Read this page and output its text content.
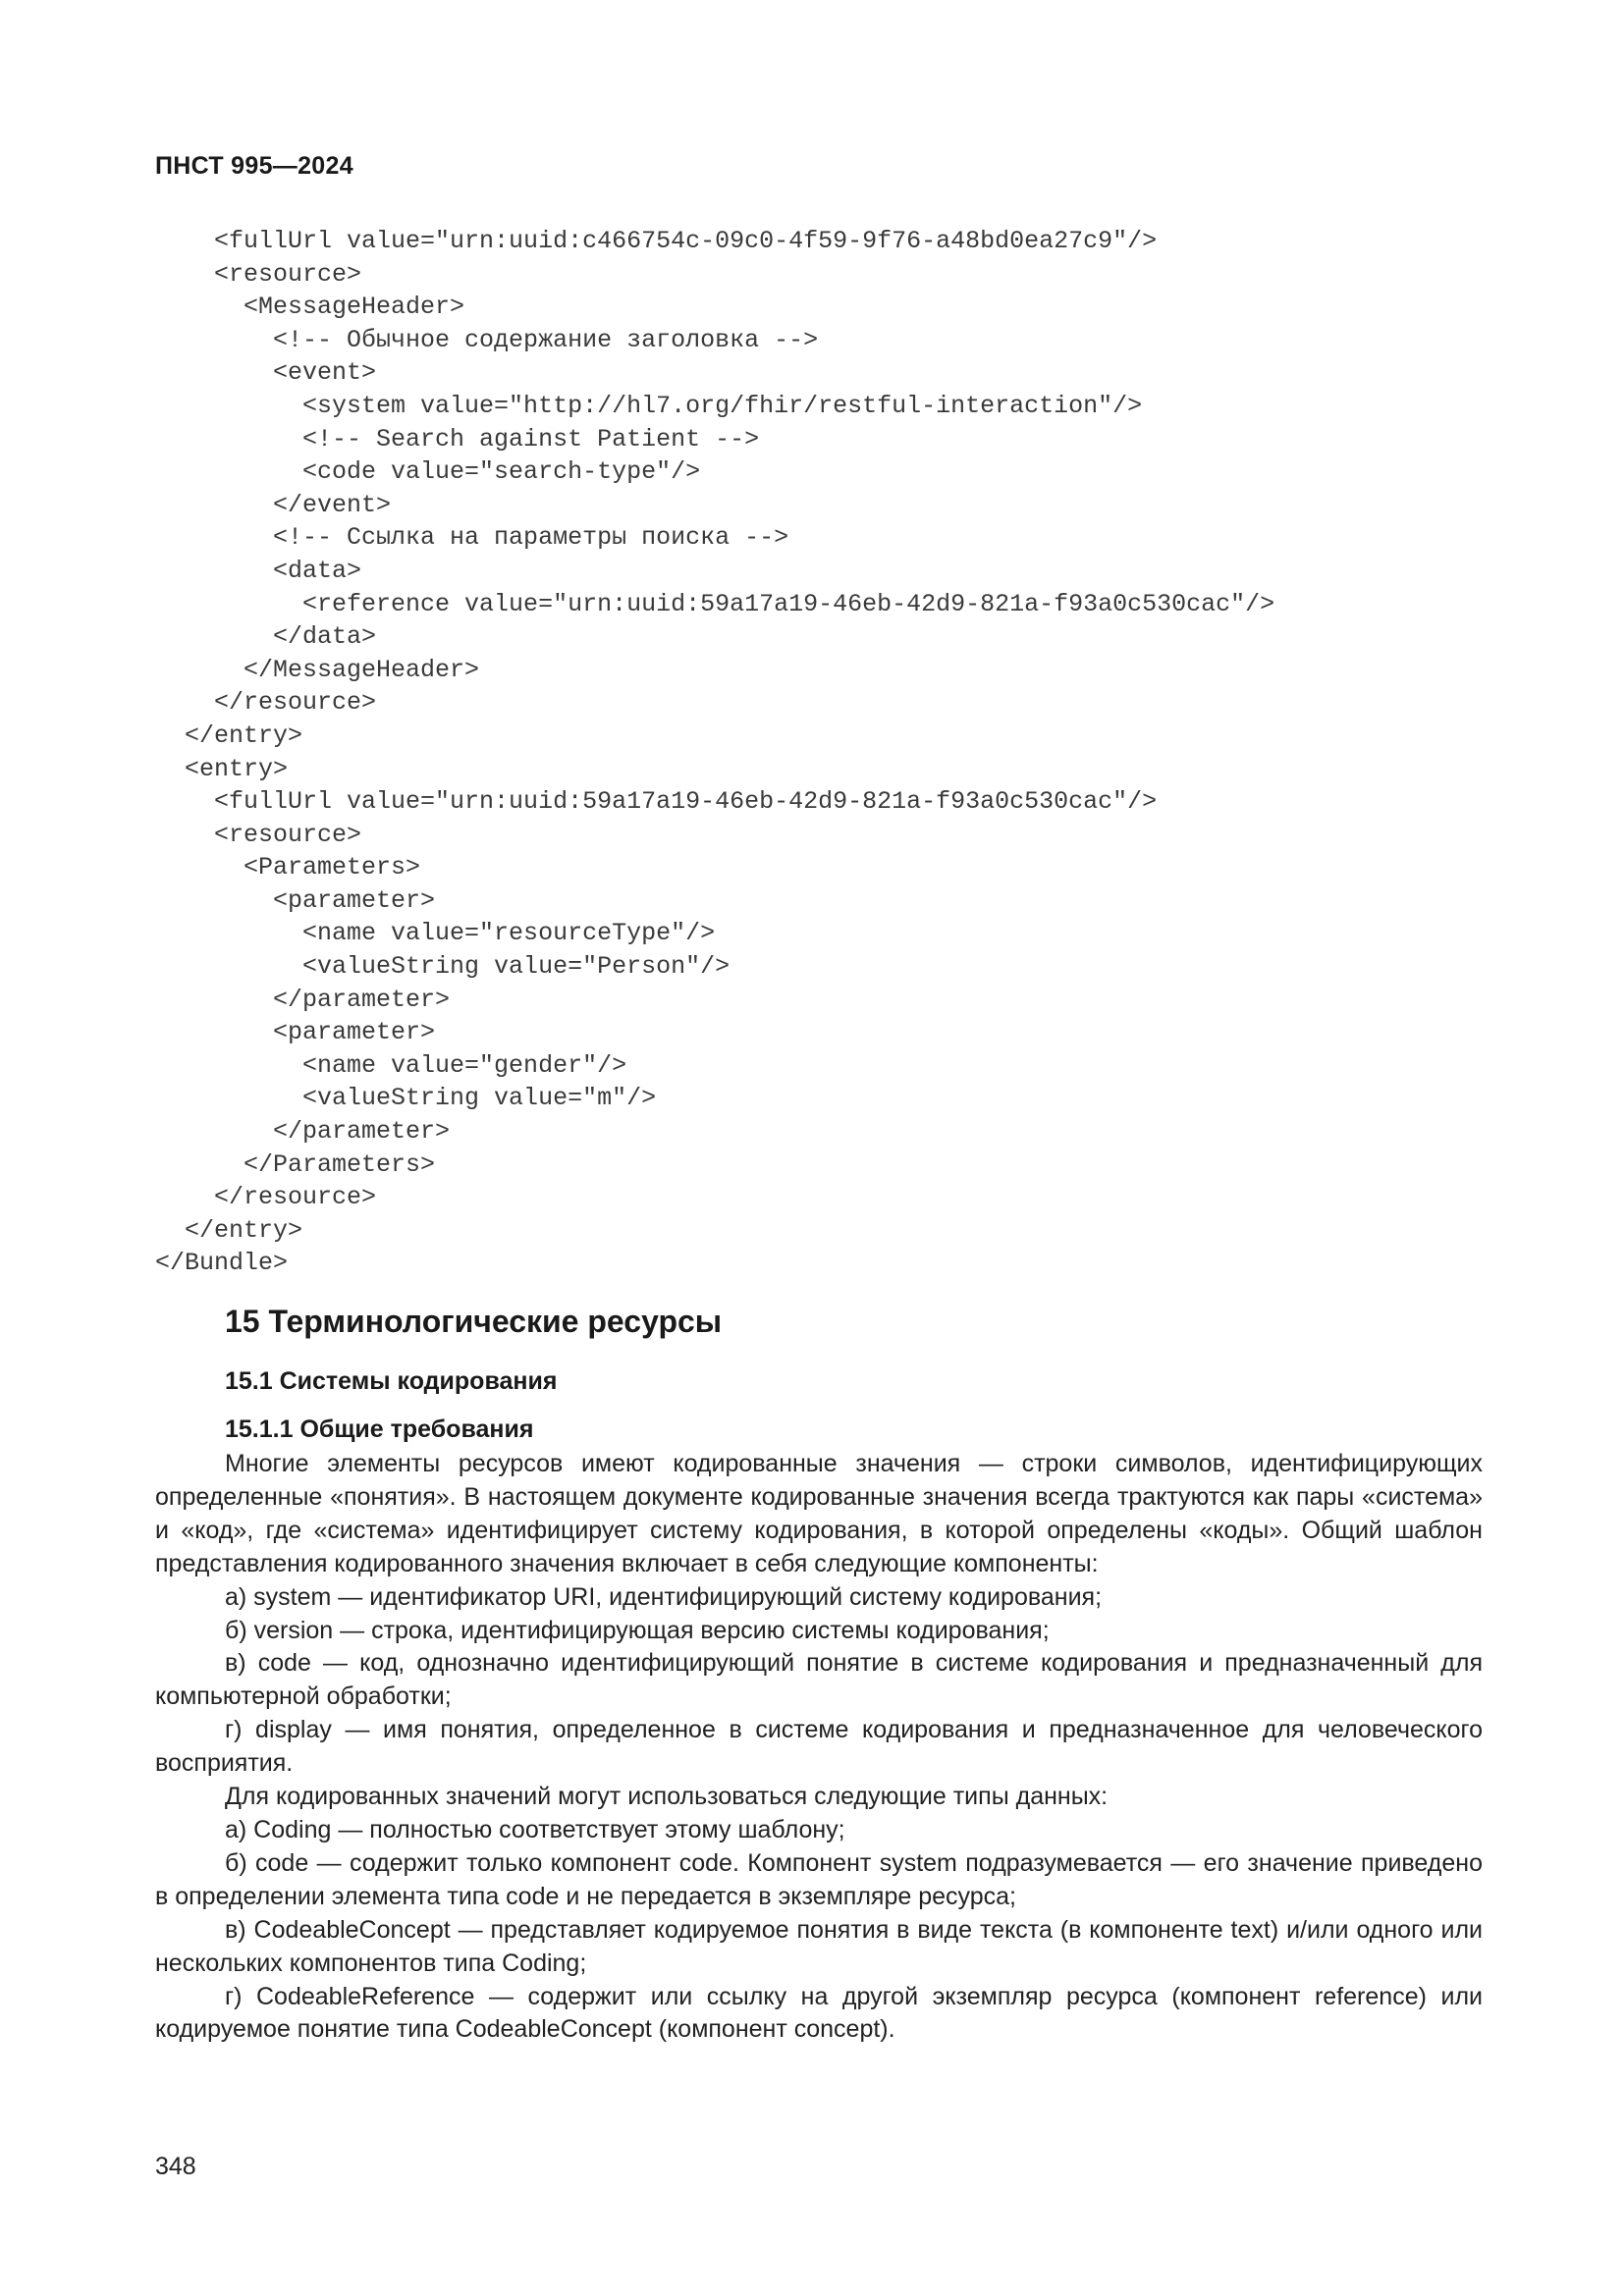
ПНСТ 995—2024
<fullUrl value="urn:uuid:c466754c-09c0-4f59-9f76-a48bd0ea27c9"/>
<resource>
<MessageHeader>
<!-- Обычное содержание заголовка -->
<event>
<system value="http://hl7.org/fhir/restful-interaction"/>
<!-- Search against Patient -->
<code value="search-type"/>
</event>
<!-- Ссылка на параметры поиска -->
<data>
<reference value="urn:uuid:59a17a19-46eb-42d9-821a-f93a0c530cac"/>
</data>
</MessageHeader>
</resource>
</entry>
<entry>
<fullUrl value="urn:uuid:59a17a19-46eb-42d9-821a-f93a0c530cac"/>
<resource>
<Parameters>
<parameter>
<name value="resourceType"/>
<valueString value="Person"/>
</parameter>
<parameter>
<name value="gender"/>
<valueString value="m"/>
</parameter>
</Parameters>
</resource>
</entry>
</Bundle>
15 Терминологические ресурсы
15.1 Системы кодирования
15.1.1 Общие требования

Многие элементы ресурсов имеют кодированные значения — строки символов, идентифицирующих определенные «понятия». В настоящем документе кодированные значения всегда трактуются как пары «система» и «код», где «система» идентифицирует систему кодирования, в которой определены «коды». Общий шаблон представления кодированного значения включает в себя следующие компоненты:

а) system — идентификатор URI, идентифицирующий систему кодирования;

б) version — строка, идентифицирующая версию системы кодирования;

в) code — код, однозначно идентифицирующий понятие в системе кодирования и предназначенный для компьютерной обработки;

г) display — имя понятия, определенное в системе кодирования и предназначенное для человеческого восприятия.

Для кодированных значений могут использоваться следующие типы данных:

а) Coding — полностью соответствует этому шаблону;

б) code — содержит только компонент code. Компонент system подразумевается — его значение приведено в определении элемента типа code и не передается в экземпляре ресурса;

в) CodeableConcept — представляет кодируемое понятия в виде текста (в компоненте text) и/или одного или нескольких компонентов типа Coding;

г) CodeableReference — содержит или ссылку на другой экземпляр ресурса (компонент reference) или кодируемое понятие типа CodeableConcept (компонент concept).

348
